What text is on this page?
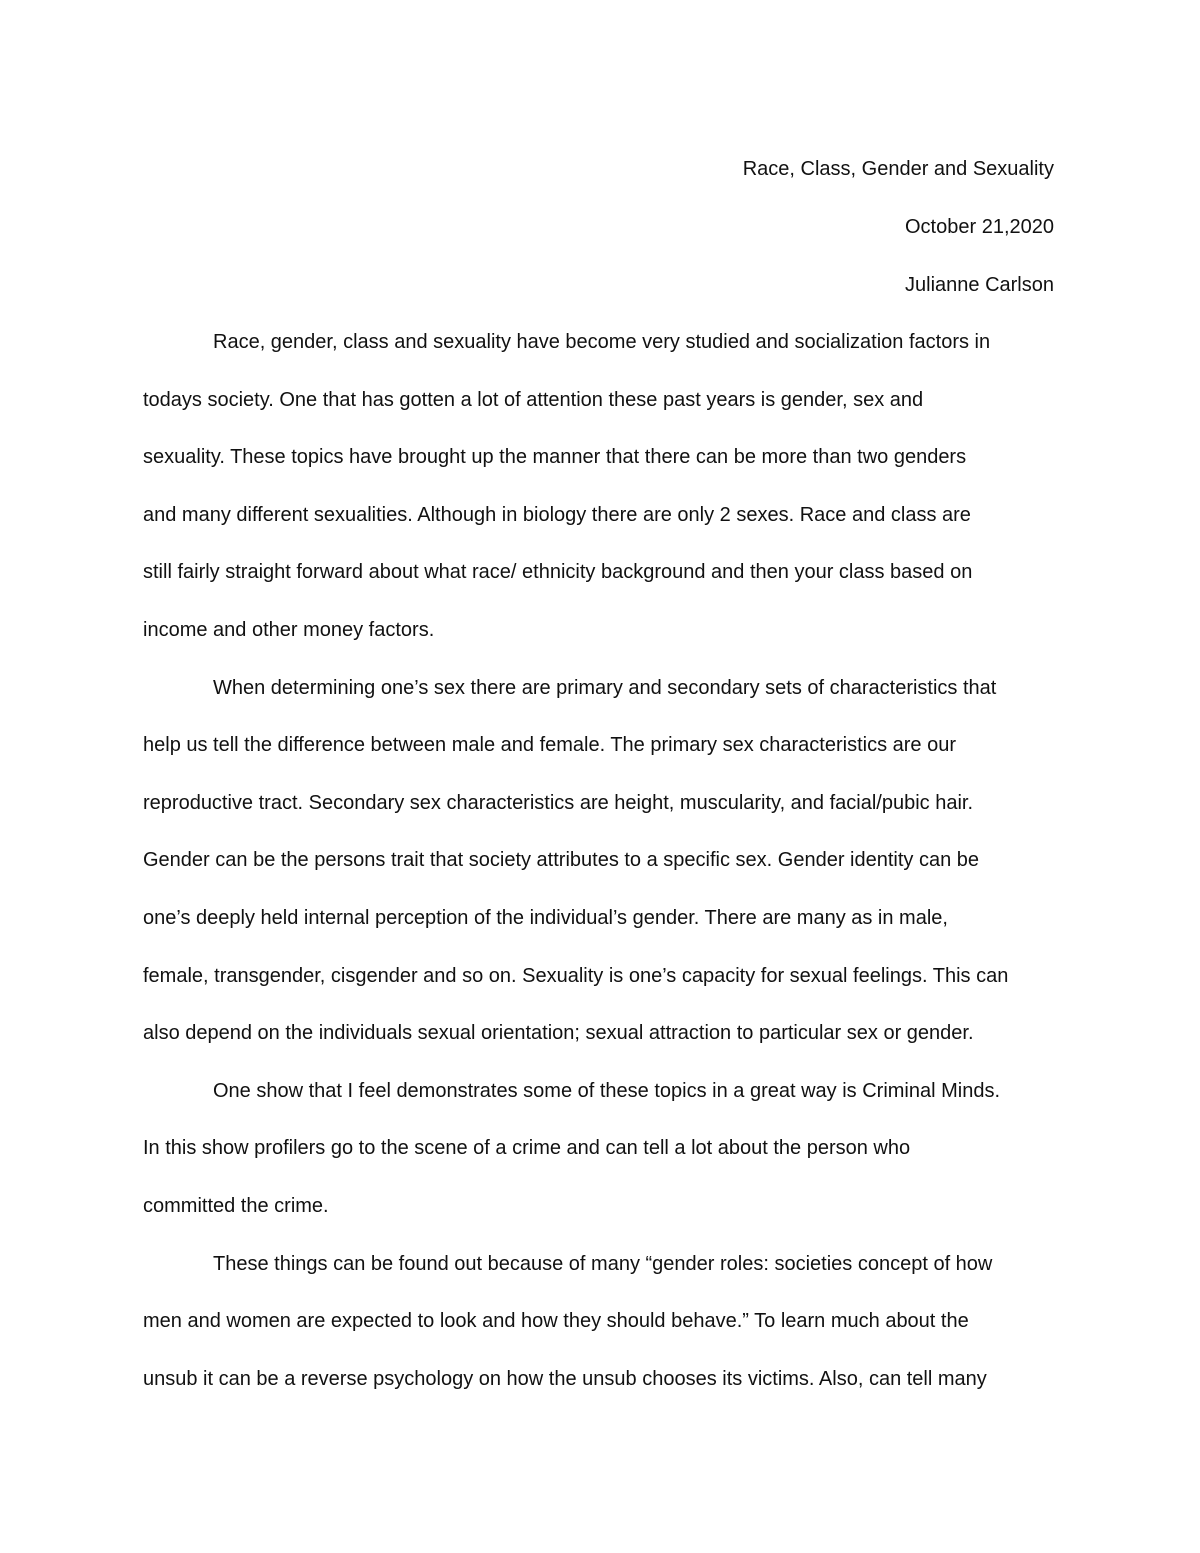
Race, Class, Gender and Sexuality
October 21,2020
Julianne Carlson
Race, gender, class and sexuality have become very studied and socialization factors in
todays society. One that has gotten a lot of attention these past years is gender, sex and
sexuality. These topics have brought up the manner that there can be more than two genders
and many different sexualities. Although in biology there are only 2 sexes. Race and class are
still fairly straight forward about what race/ ethnicity background and then your class based on
income and other money factors.
When determining one’s sex there are primary and secondary sets of characteristics that
help us tell the difference between male and female. The primary sex characteristics are our
reproductive tract. Secondary sex characteristics are height, muscularity, and facial/pubic hair.
Gender can be the persons trait that society attributes to a specific sex. Gender identity can be
one’s deeply held internal perception of the individual’s gender. There are many as in male,
female, transgender, cisgender and so on. Sexuality is one’s capacity for sexual feelings. This can
also depend on the individuals sexual orientation; sexual attraction to particular sex or gender.
One show that I feel demonstrates some of these topics in a great way is Criminal Minds.
In this show profilers go to the scene of a crime and can tell a lot about the person who
committed the crime.
These things can be found out because of many “gender roles: societies concept of how
men and women are expected to look and how they should behave.” To learn much about the
unsub it can be a reverse psychology on how the unsub chooses its victims. Also, can tell many
